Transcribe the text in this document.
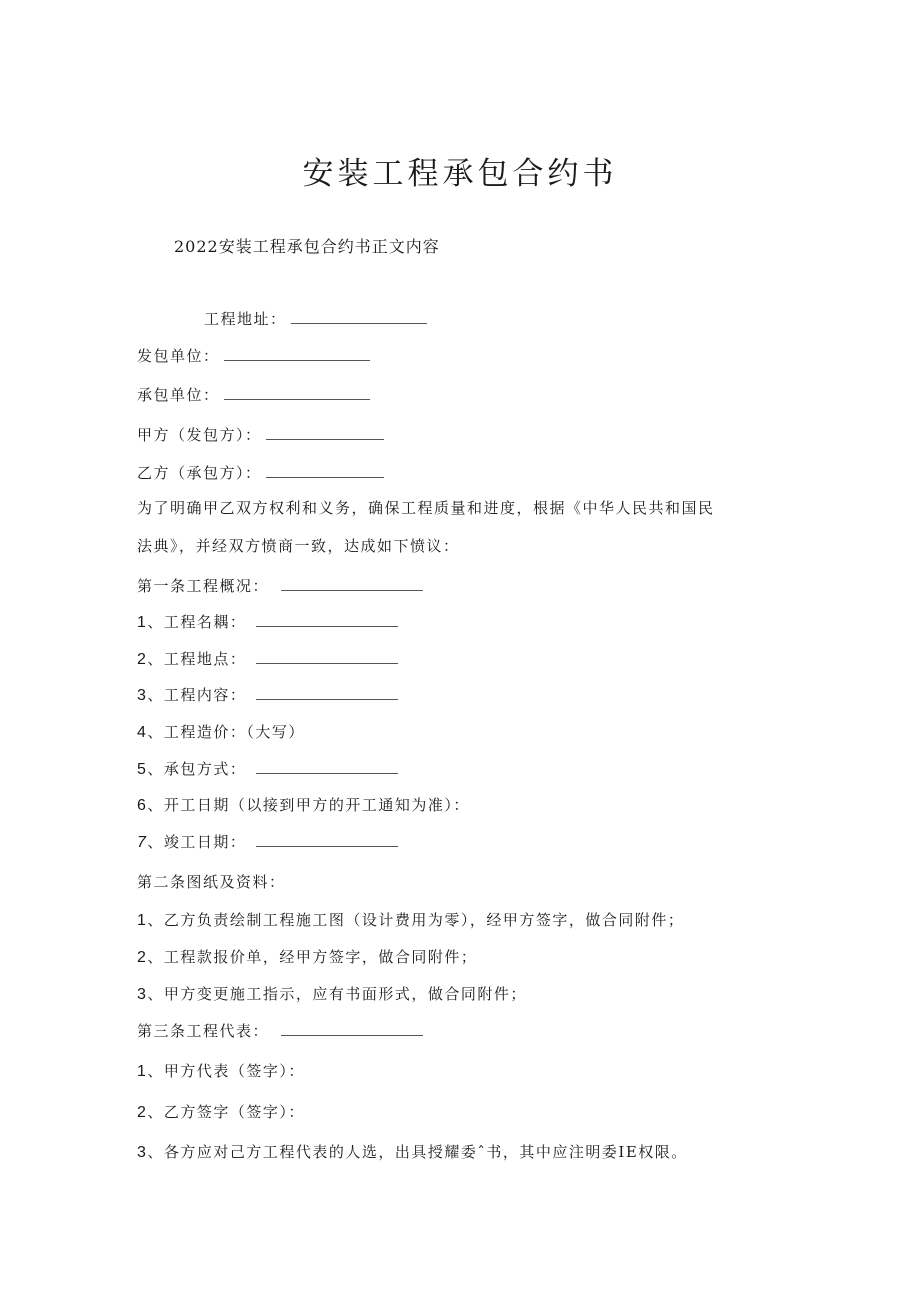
安装工程承包合约书
2022安装工程承包合约书正文内容
工程地址：
发包单位：
承包单位：
甲方（发包方）：
乙方（承包方）：
为了明确甲乙双方权利和义务，确保工程质量和进度，根据《中华人民共和国民
法典》，并经双方愤商一致，达成如下愤议：
第一条工程概况：
1、工程名耦：
2、工程地点：
3、工程内容：
4、工程造价：（大写）
5、承包方式：
6、开工日期（以接到甲方的开工通知为准）：
7、竣工日期：
第二条图纸及资料：
1、乙方负责绘制工程施工图（设计费用为零），经甲方签字，做合同附件；
2、工程款报价单，经甲方签字，做合同附件；
3、甲方变更施工指示，应有书面形式，做合同附件；
第三条工程代表：
1、甲方代表（签字）：
2、乙方签字（签字）：
3、各方应对己方工程代表的人选，出具授耀委ˆ书，其中应注明委IE权限。
